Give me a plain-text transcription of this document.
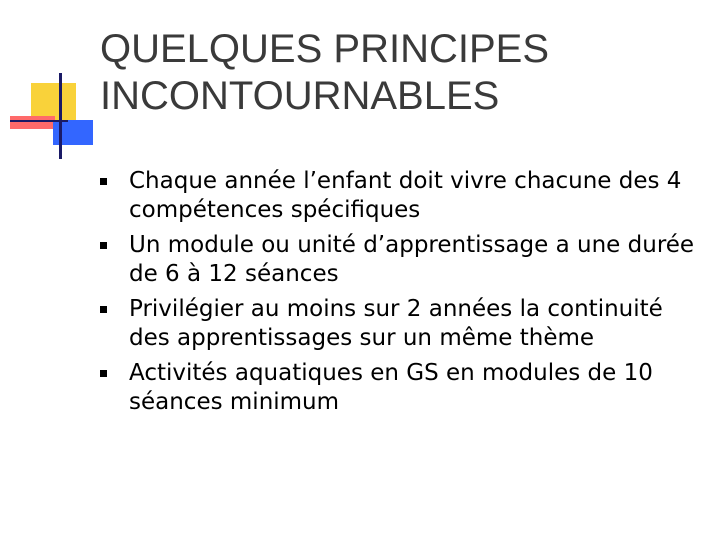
QUELQUES PRINCIPES
INCONTOURNABLES
Chaque année l’enfant doit vivre chacune des 4 compétences spécifiques
Un module ou unité d’apprentissage a une durée de 6 à 12 séances
Privilégier au moins sur 2 années la continuité des apprentissages sur un même thème
Activités aquatiques en GS en modules de 10 séances minimum
